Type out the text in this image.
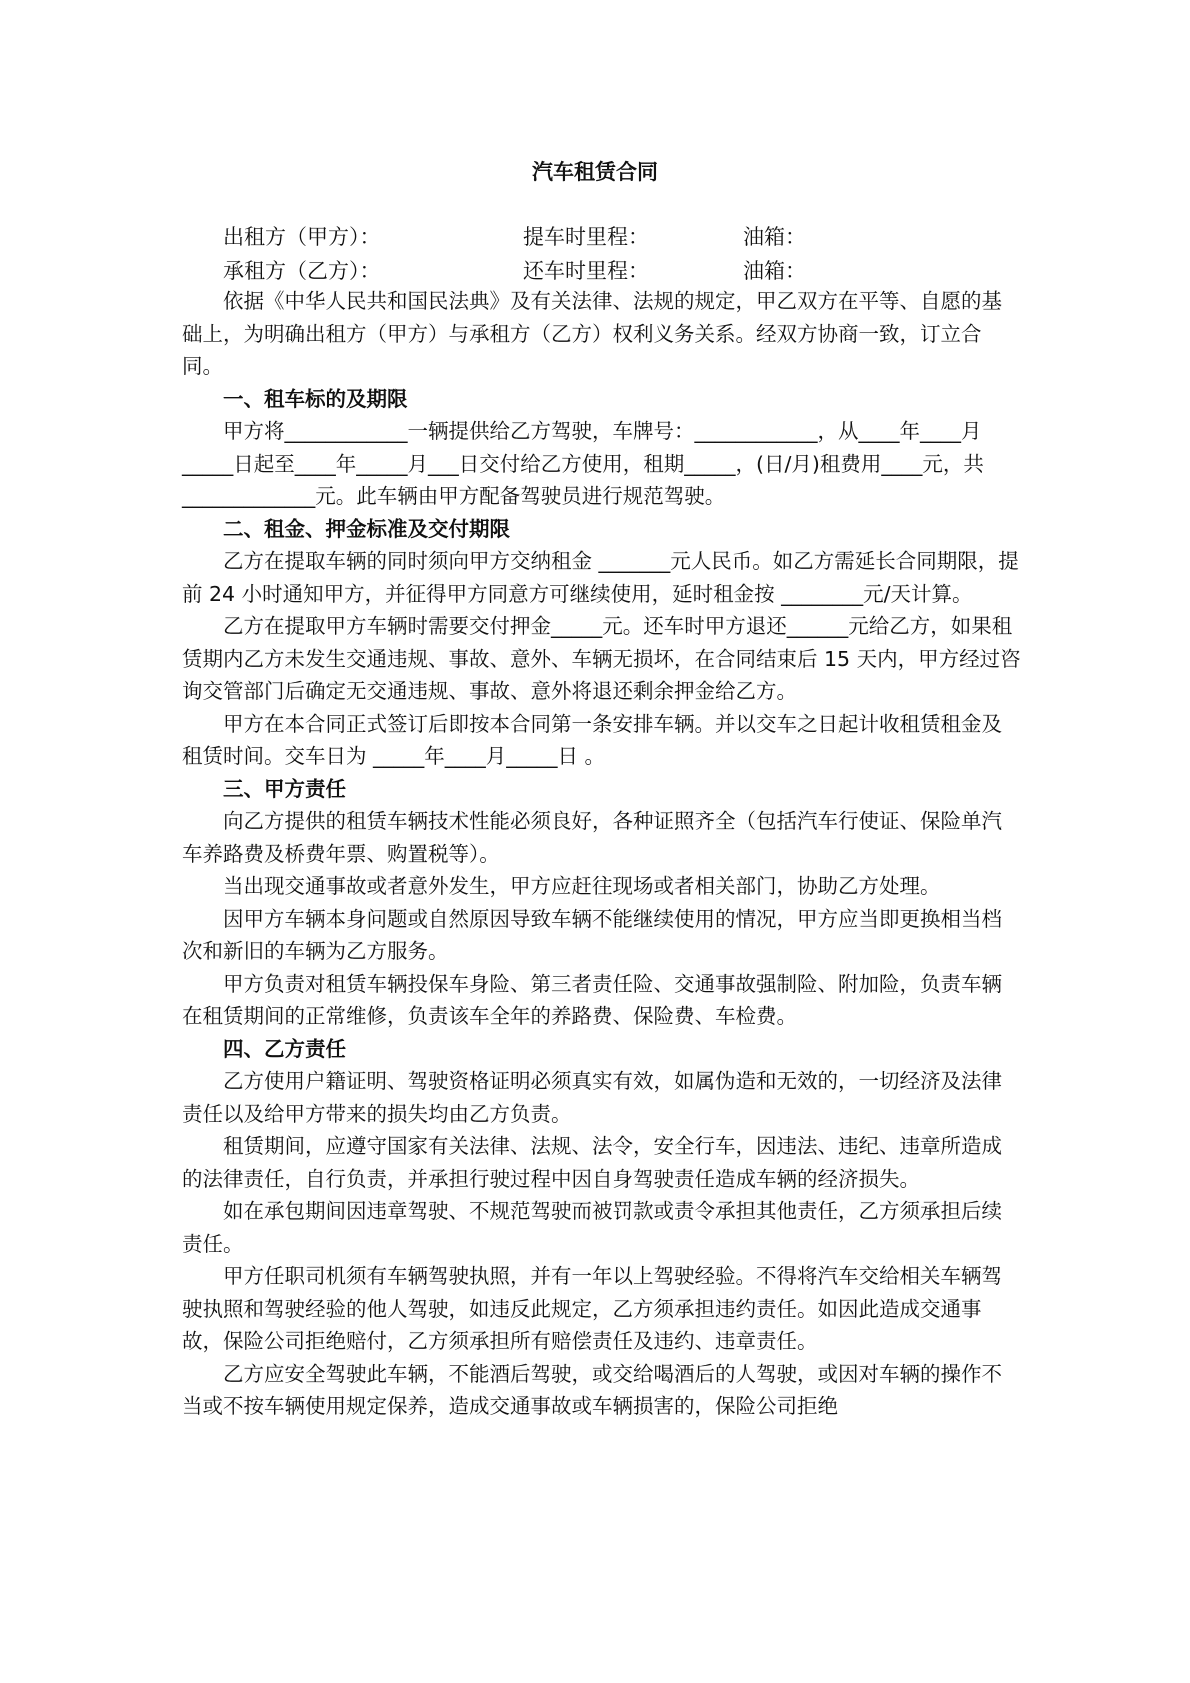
汽车租赁合同
出租方（甲方）：	提车时里程：	油箱：
承租方（乙方）：	还车时里程：	油箱：

依据《中华人民共和国民法典》及有关法律、法规的规定，甲乙双方在平等、自愿的基础上，为明确出租方（甲方）与承租方（乙方）权利义务关系。经双方协商一致，订立合同。

一、租车标的及期限

甲方将____________一辆提供给乙方驾驶，车牌号：____________，从____年____月_____日起至____年_____月___日交付给乙方使用，租期_____，(日/月)租费用____元，共_____________元。此车辆由甲方配备驾驶员进行规范驾驶。

二、租金、押金标准及交付期限

乙方在提取车辆的同时须向甲方交纳租金 _______元人民币。如乙方需延长合同期限，提前 24 小时通知甲方，并征得甲方同意方可继续使用，延时租金按 ________元/天计算。

乙方在提取甲方车辆时需要交付押金_____元。还车时甲方退还______元给乙方，如果租赁期内乙方未发生交通违规、事故、意外、车辆无损坏，在合同结束后 15 天内，甲方经过咨询交管部门后确定无交通违规、事故、意外将退还剩余押金给乙方。

甲方在本合同正式签订后即按本合同第一条安排车辆。并以交车之日起计收租赁租金及租赁时间。交车日为 _____年____月_____日 。

三、甲方责任

向乙方提供的租赁车辆技术性能必须良好，各种证照齐全（包括汽车行使证、保险单汽车养路费及桥费年票、购置税等）。

当出现交通事故或者意外发生，甲方应赶往现场或者相关部门，协助乙方处理。

因甲方车辆本身问题或自然原因导致车辆不能继续使用的情况，甲方应当即更换相当档次和新旧的车辆为乙方服务。

甲方负责对租赁车辆投保车身险、第三者责任险、交通事故强制险、附加险，负责车辆在租赁期间的正常维修，负责该车全年的养路费、保险费、车检费。

四、乙方责任

乙方使用户籍证明、驾驶资格证明必须真实有效，如属伪造和无效的，一切经济及法律责任以及给甲方带来的损失均由乙方负责。

租赁期间，应遵守国家有关法律、法规、法令，安全行车，因违法、违纪、违章所造成的法律责任，自行负责，并承担行驶过程中因自身驾驶责任造成车辆的经济损失。

如在承包期间因违章驾驶、不规范驾驶而被罚款或责令承担其他责任，乙方须承担后续责任。

甲方任职司机须有车辆驾驶执照，并有一年以上驾驶经验。不得将汽车交给相关车辆驾驶执照和驾驶经验的他人驾驶，如违反此规定，乙方须承担违约责任。如因此造成交通事故，保险公司拒绝赔付，乙方须承担所有赔偿责任及违约、违章责任。

乙方应安全驾驶此车辆，不能酒后驾驶，或交给喝酒后的人驾驶，或因对车辆的操作不当或不按车辆使用规定保养，造成交通事故或车辆损害的，保险公司拒绝
